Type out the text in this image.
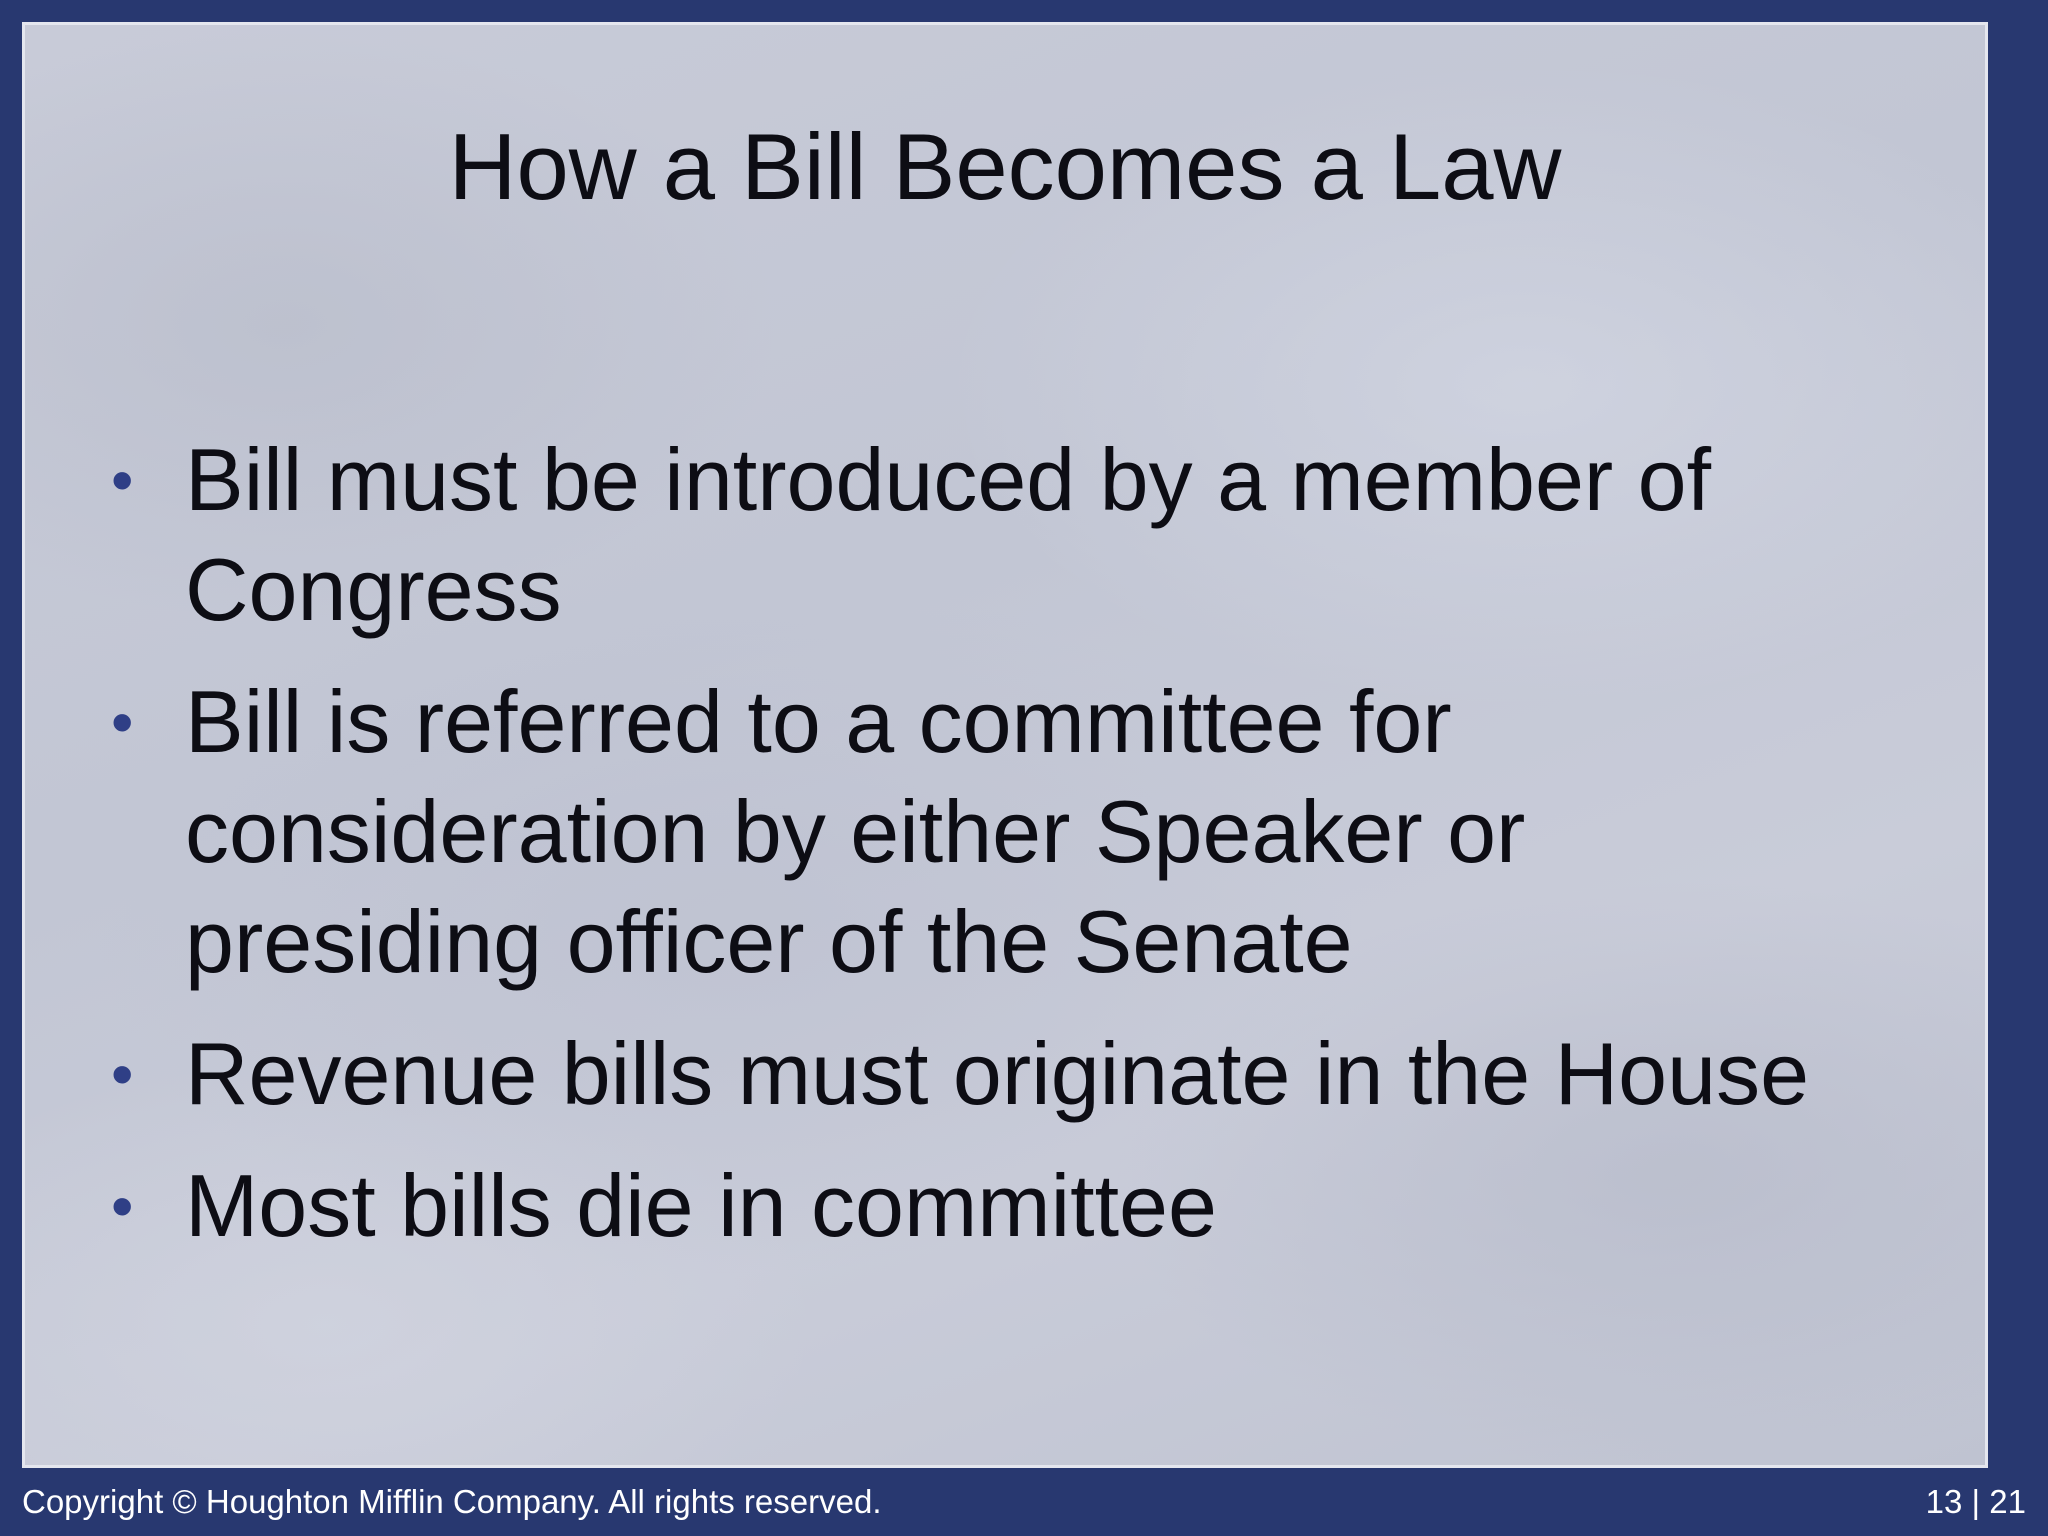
How a Bill Becomes a Law
• Bill must be introduced by a member of Congress
• Bill is referred to a committee for consideration by either Speaker or presiding officer of the Senate
• Revenue bills must originate in the House
• Most bills die in committee
Copyright © Houghton Mifflin Company. All rights reserved.	13 | 21
